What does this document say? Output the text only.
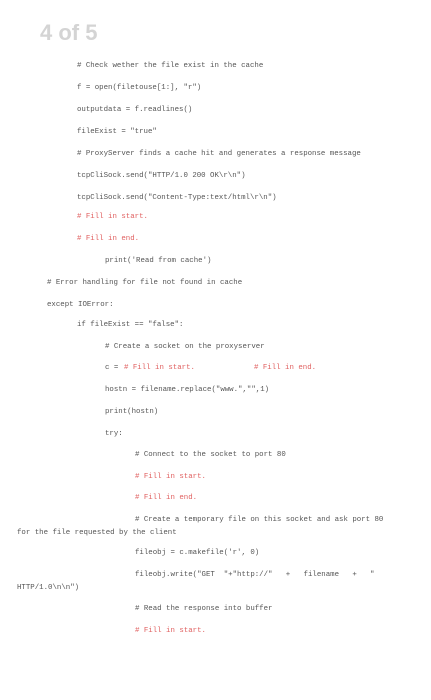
4 of 5
# Check wether the file exist in the cache
f = open(filetouse[1:], "r")
outputdata = f.readlines()
fileExist = "true"
# ProxyServer finds a cache hit and generates a response message
tcpCliSock.send("HTTP/1.0 200 OK\r\n")
tcpCliSock.send("Content-Type:text/html\r\n")
# Fill in start.
# Fill in end.
print('Read from cache')
# Error handling for file not found in cache
except IOError:
if fileExist == "false":
# Create a socket on the proxyserver
c = # Fill in start.	# Fill in end.
hostn = filename.replace("www.","",1)
print(hostn)
try:
# Connect to the socket to port 80
# Fill in start.
# Fill in end.
# Create a temporary file on this socket and ask port 80
for the file requested by the client
fileobj = c.makefile('r', 0)
fileobj.write("GET  "+"http://"   +   filename   +   "
HTTP/1.0\n\n")
# Read the response into buffer
# Fill in start.
